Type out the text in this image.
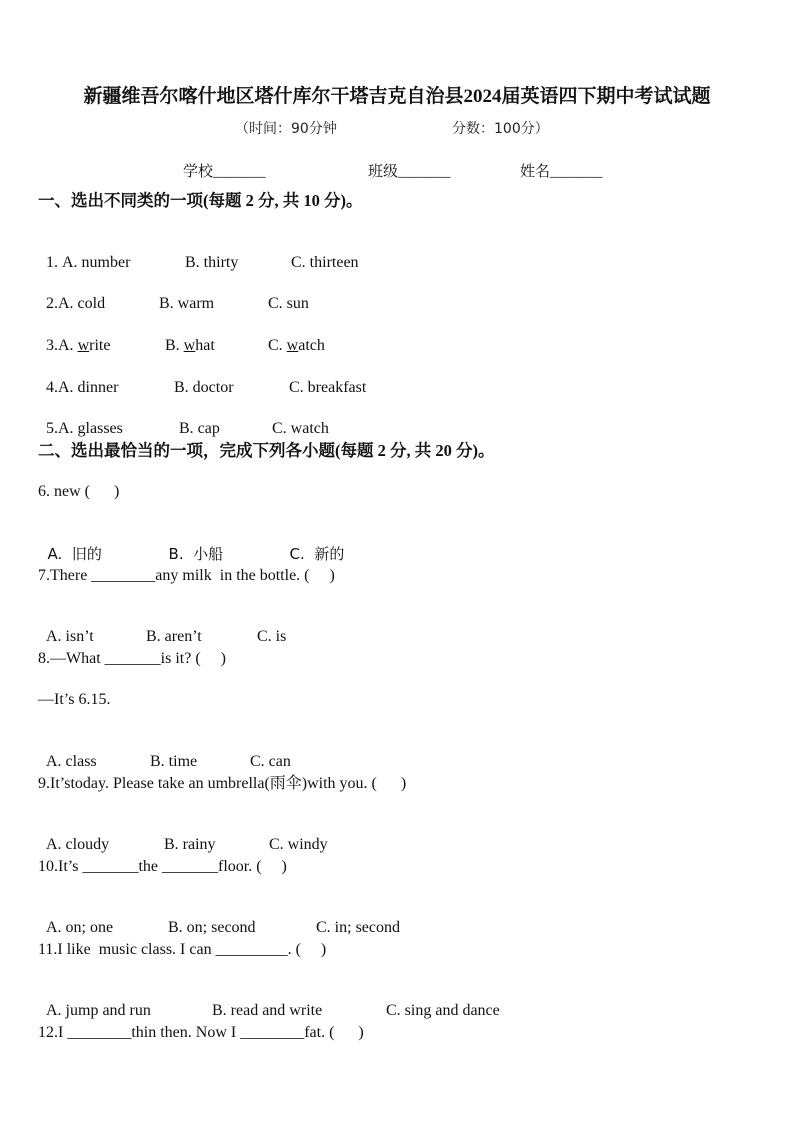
新疆维吾尔喀什地区塔什库尔干塔吉克自治县2024届英语四下期中考试试题
（时间：90分钟	分数：100分）
学校_______	班级_______	姓名_______
一、选出不同类的一项(每题 2 分, 共 10 分)。

1. A. number	B. thirty	C. thirteen

2.A. cold	B. warm	C. sun

3.A. write	B. what	C. watch

4.A. dinner	B. doctor	C. breakfast

5.A. glasses	B. cap	C. watch

二、选出最恰当的一项，完成下列各小题(每题 2 分, 共 20 分)。
6. new (      )

A.  旧的	B.  小船	C.  新的

7.There ________any milk  in the bottle. (     )

A. isn’t	B. aren’t	C. is

8.—What _______is it? (     )
—It’s 6.15.

A. class	B. time	C. can

9.It’stoday. Please take an umbrella(雨伞)with you. (      )

A. cloudy	B. rainy	C. windy

10.It’s _______the _______floor. (     )

A. on; one	B. on; second	C. in; second

11.I like  music class. I can _________. (     )

A. jump and run	B. read and write	C. sing and dance

12.I ________thin then. Now I ________fat. (      )
